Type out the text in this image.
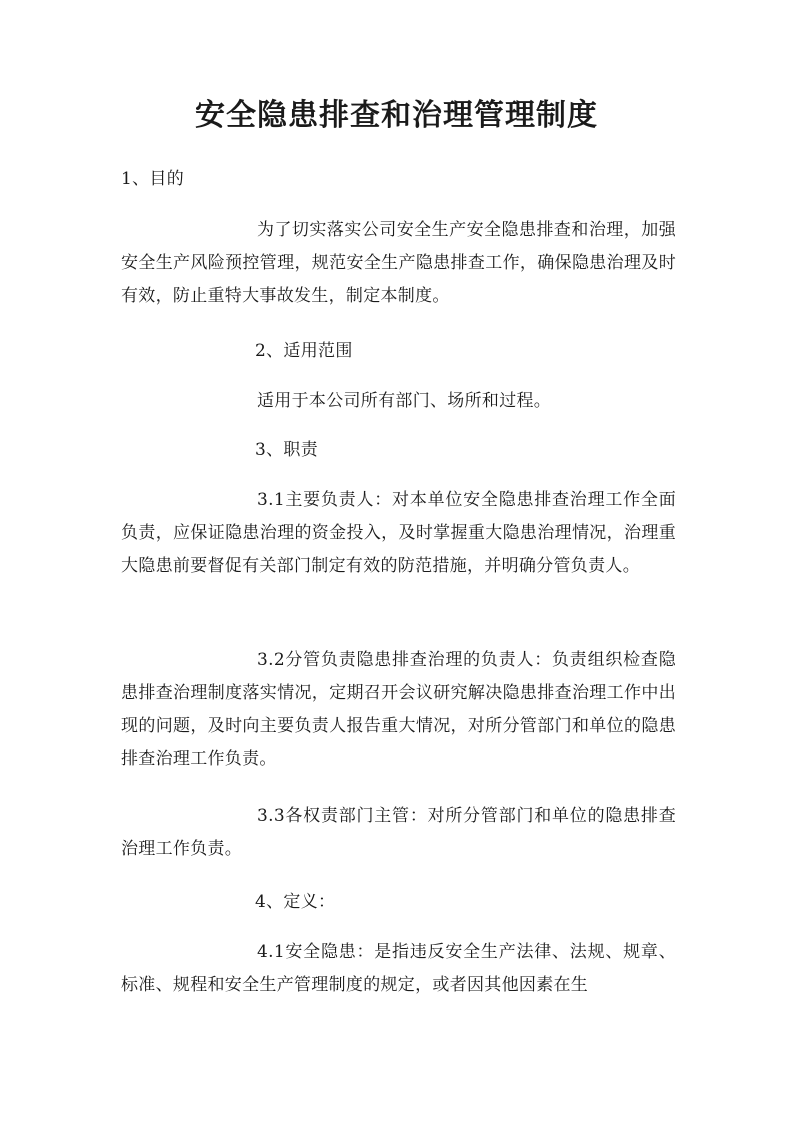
安全隐患排查和治理管理制度

1、目的

为了切实落实公司安全生产安全隐患排查和治理，加强安全生产风险预控管理，规范安全生产隐患排查工作，确保隐患治理及时有效，防止重特大事故发生，制定本制度。

2、适用范围

适用于本公司所有部门、场所和过程。

3、职责

3.1主要负责人：对本单位安全隐患排查治理工作全面负责，应保证隐患治理的资金投入，及时掌握重大隐患治理情况，治理重大隐患前要督促有关部门制定有效的防范措施，并明确分管负责人。

3.2分管负责隐患排查治理的负责人：负责组织检查隐患排查治理制度落实情况，定期召开会议研究解决隐患排查治理工作中出现的问题，及时向主要负责人报告重大情况，对所分管部门和单位的隐患排查治理工作负责。

3.3各权责部门主管：对所分管部门和单位的隐患排查治理工作负责。

4、定义：

4.1安全隐患：是指违反安全生产法律、法规、规章、标准、规程和安全生产管理制度的规定，或者因其他因素在生
